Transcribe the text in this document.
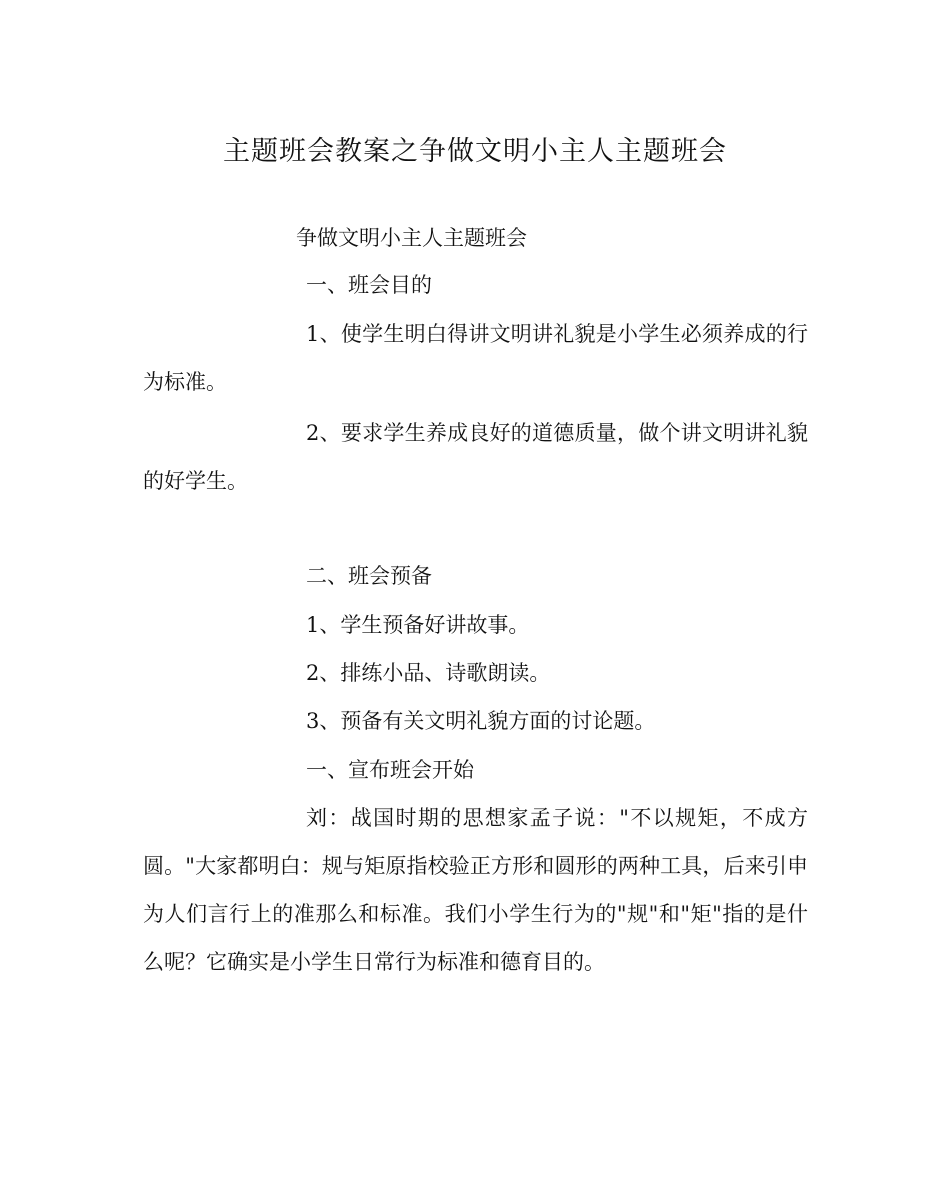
主题班会教案之争做文明小主人主题班会
争做文明小主人主题班会
一、班会目的
1、使学生明白得讲文明讲礼貌是小学生必须养成的行为标准。
2、要求学生养成良好的道德质量，做个讲文明讲礼貌的好学生。
二、班会预备
1、学生预备好讲故事。
2、排练小品、诗歌朗读。
3、预备有关文明礼貌方面的讨论题。
一、宣布班会开始
刘：战国时期的思想家孟子说："不以规矩，不成方圆。"大家都明白：规与矩原指校验正方形和圆形的两种工具，后来引申为人们言行上的准那么和标准。我们小学生行为的"规"和"矩"指的是什么呢？它确实是小学生日常行为标准和德育目的。
